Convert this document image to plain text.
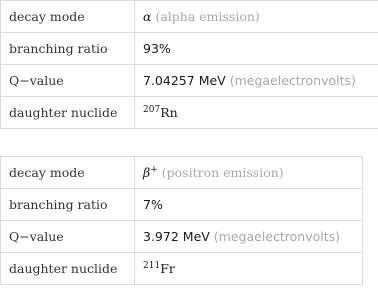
decay mode	α (alpha emission)
branching ratio	93%
Q−value	7.04257 MeV (megaelectronvolts)
daughter nuclide	$^{207}$Rn
decay mode	β+ (positron emission)
branching ratio	7%
Q−value	3.972 MeV (megaelectronvolts)
daughter nuclide	$^{211}$Fr
